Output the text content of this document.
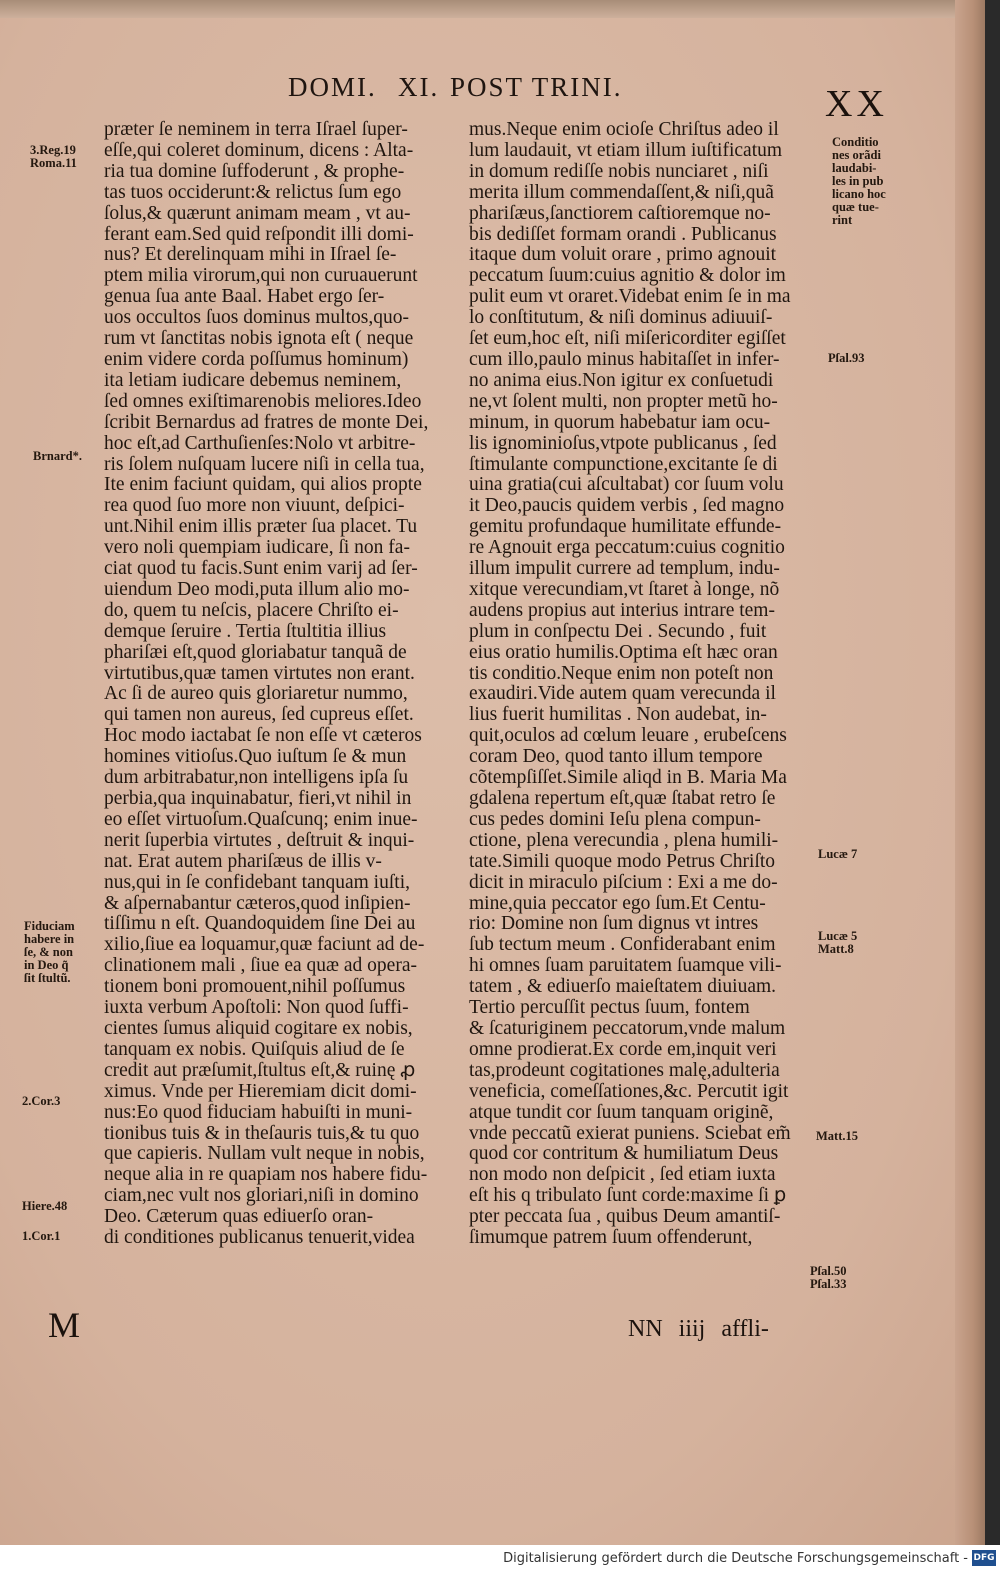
DOMI. XI. POST TRINI.	XX
præter ſe neminem in terra Iſrael ſuper-
eſſe,qui coleret dominum, dicens : Alta-
ria tua domine ſuffoderunt , & prophe-
tas tuos occiderunt:& relictus ſum ego
ſolus,& quærunt animam meam , vt au-
ferant eam.Sed quid reſpondit illi domi-
nus? Et derelinquam mihi in Iſrael ſe-
ptem milia virorum,qui non curuauerunt
genua ſua ante Baal. Habet ergo ſer-
uos occultos ſuos dominus multos,quo-
rum vt ſanctitas nobis ignota eſt ( neque
enim videre corda poſſumus hominum)
ita letiam iudicare debemus neminem,
ſed omnes exiſtimarenobis meliores.Ideo
ſcribit Bernardus ad fratres de monte Dei,
hoc eſt,ad Carthuſienſes:Nolo vt arbitre-
ris ſolem nuſquam lucere niſi in cella tua,
Ite enim faciunt quidam, qui alios propte
rea quod ſuo more non viuunt, deſpici-
unt.Nihil enim illis præter ſua placet. Tu
vero noli quempiam iudicare, ſi non fa-
ciat quod tu facis.Sunt enim varij ad ſer-
uiendum Deo modi,puta illum alio mo-
do, quem tu neſcis, placere Chriſto ei-
demque ſeruire . Tertia ſtultitia illius
phariſæi eſt,quod gloriabatur tanquã de
virtutibus,quæ tamen virtutes non erant.
Ac ſi de aureo quis gloriaretur nummo,
qui tamen non aureus, ſed cupreus eſſet.
Hoc modo iactabat ſe non eſſe vt cæteros
homines vitioſus.Quo iuſtum ſe & mun
dum arbitrabatur,non intelligens ipſa ſu
perbia,qua inquinabatur, fieri,vt nihil in
eo eſſet virtuoſum.Quaſcunq; enim inue-
nerit ſuperbia virtutes , deſtruit & inqui-
nat. Erat autem phariſæus de illis v-
nus,qui in ſe confidebant tanquam iuſti,
& aſpernabantur cæteros,quod inſipien-
tiſſimu n eſt. Quandoquidem ſine Dei au
xilio,ſiue ea loquamur,quæ faciunt ad de-
clinationem mali , ſiue ea quæ ad opera-
tionem boni promouent,nihil poſſumus
iuxta verbum Apoſtoli: Non quod ſuffi-
cientes ſumus aliquid cogitare ex nobis,
tanquam ex nobis. Quiſquis aliud de ſe
credit aut præſumit,ſtultus eſt,& ruinę ꝓ
ximus. Vnde per Hieremiam dicit domi-
nus:Eo quod fiduciam habuiſti in muni-
tionibus tuis & in theſauris tuis,& tu quo
que capieris. Nullam vult neque in nobis,
neque alia in re quapiam nos habere fidu-
ciam,nec vult nos gloriari,niſi in domino
Deo. Cæterum quas ediuerſo oran-
di conditiones publicanus tenuerit,videa
mus.Neque enim ocioſe Chriſtus adeo il
lum laudauit, vt etiam illum iuſtificatum
in domum rediſſe nobis nunciaret , niſi
merita illum commendaſſent,& niſi,quã
phariſæus,ſanctiorem caſtioremque no-
bis dediſſet formam orandi . Publicanus
itaque dum voluit orare , primo agnouit
peccatum ſuum:cuius agnitio & dolor im
pulit eum vt oraret.Videbat enim ſe in ma
lo conſtitutum, & niſi dominus adiuuiſ-
ſet eum,hoc eſt, niſi miſericorditer egiſſet
cum illo,paulo minus habitaſſet in infer-
no anima eius.Non igitur ex conſuetudi
ne,vt ſolent multi, non propter metũ ho-
minum, in quorum habebatur iam ocu-
lis ignominioſus,vtpote publicanus , ſed
ſtimulante compunctione,excitante ſe di
uina gratia(cui aſcultabat) cor ſuum volu
it Deo,paucis quidem verbis , ſed magno
gemitu profundaque humilitate effunde-
re Agnouit erga peccatum:cuius cognitio
illum impulit currere ad templum, indu-
xitque verecundiam,vt ſtaret à longe, nõ
audens propius aut interius intrare tem-
plum in conſpectu Dei . Secundo , fuit
eius oratio humilis.Optima eſt hæc oran
tis conditio.Neque enim non poteſt non
exaudiri.Vide autem quam verecunda il
lius fuerit humilitas . Non audebat, in-
quit,oculos ad cœlum leuare , erubeſcens
coram Deo, quod tanto illum tempore
cõtempſiſſet.Simile aliqd in B. Maria Ma
gdalena repertum eſt,quæ ſtabat retro ſe
cus pedes domini Ieſu plena compun-
ctione, plena verecundia , plena humili-
tate.Simili quoque modo Petrus Chriſto
dicit in miraculo piſcium : Exi a me do-
mine,quia peccator ego ſum.Et Centu-
rio: Domine non ſum dignus vt intres
ſub tectum meum . Confiderabant enim
hi omnes ſuam paruitatem ſuamque vili-
tatem , & ediuerſo maieſtatem diuiuam.
Tertio percuſſit pectus ſuum, fontem
& ſcaturiginem peccatorum,vnde malum
omne prodierat.Ex corde em,inquit veri
tas,prodeunt cogitationes malę,adulteria
veneficia, comeſſationes,&c. Percutit igit
atque tundit cor ſuum tanquam originẽ,
vnde peccatũ exierat puniens. Sciebat em̃
quod cor contritum & humiliatum Deus
non modo non deſpicit , ſed etiam iuxta
eſt his q tribulato ſunt corde:maxime ſi ꝑ
pter peccata ſua , quibus Deum amantiſ-
ſimumque patrem ſuum offenderunt,
3.Reg.19
Roma.11
Brnard*.
Fiduciam
habere in
ſe, & non
in Deo q̃
ſit ſtultũ.
2.Cor.3
Hiere.48
1.Cor.1
Conditio
nes orãdi
laudabi-
les in pub
licano hoc
quæ tue-
rint
Pſal.93
Lucæ 7
Lucæ 5
Matt.8
Matt.15
Pſal.50
Pſal.33
M	NN iiij affli-
Digitalisierung gefördert durch die Deutsche Forschungsgemeinschaft - DFG
